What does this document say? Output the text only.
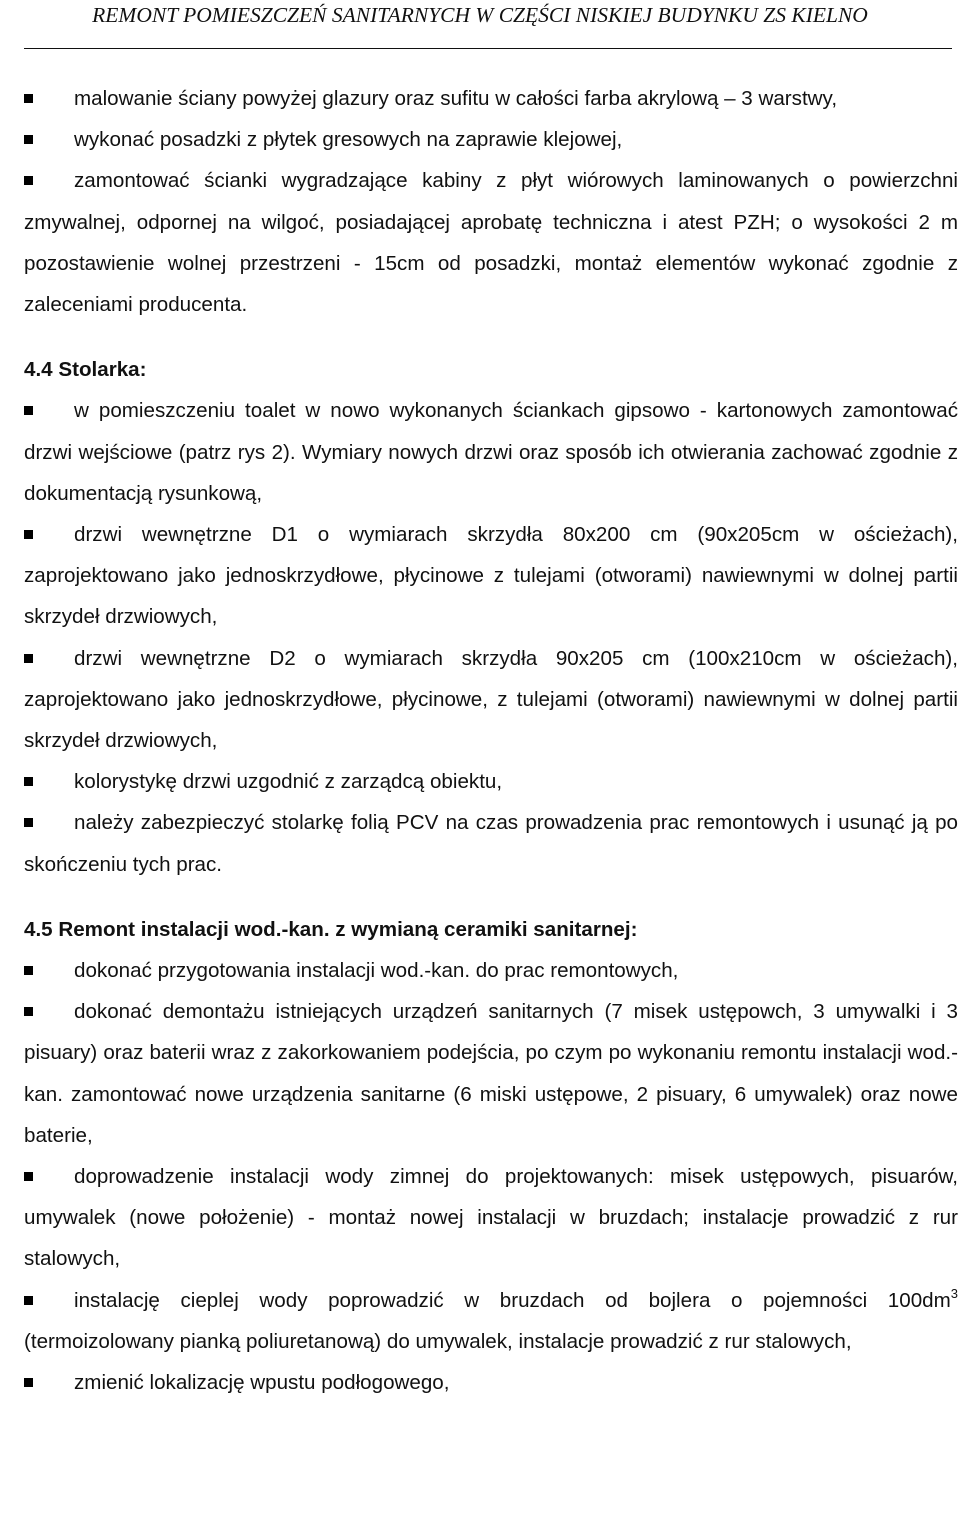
REMONT POMIESZCZEŃ SANITARNYCH W CZĘŚCI NISKIEJ BUDYNKU ZS KIELNO

malowanie ściany powyżej glazury oraz sufitu w całości farba akrylową – 3 warstwy,

wykonać posadzki z płytek gresowych na zaprawie klejowej,

zamontować ścianki wygradzające kabiny z płyt wiórowych laminowanych o powierzchni zmywalnej, odpornej na wilgoć, posiadającej aprobatę techniczna i atest PZH; o wysokości 2 m pozostawienie wolnej przestrzeni - 15cm od posadzki, montaż elementów wykonać zgodnie z zaleceniami producenta.

4.4 Stolarka:

w pomieszczeniu toalet w nowo wykonanych ściankach gipsowo - kartonowych zamontować drzwi wejściowe (patrz rys 2). Wymiary nowych drzwi oraz sposób ich otwierania zachować zgodnie z dokumentacją rysunkową,

drzwi wewnętrzne D1 o wymiarach skrzydła 80x200 cm (90x205cm w ościeżach), zaprojektowano jako jednoskrzydłowe, płycinowe z tulejami (otworami) nawiewnymi w dolnej partii skrzydeł drzwiowych,

drzwi wewnętrzne D2 o wymiarach skrzydła 90x205 cm (100x210cm w ościeżach), zaprojektowano jako jednoskrzydłowe, płycinowe, z tulejami (otworami) nawiewnymi w dolnej partii skrzydeł drzwiowych,

kolorystykę drzwi uzgodnić z zarządcą obiektu,

należy zabezpieczyć stolarkę folią PCV na czas prowadzenia prac remontowych i usunąć ją po skończeniu tych prac.

4.5 Remont instalacji wod.-kan. z wymianą ceramiki sanitarnej:

dokonać przygotowania instalacji wod.-kan. do prac remontowych,

dokonać demontażu istniejących urządzeń sanitarnych (7 misek ustępowch, 3 umywalki i 3 pisuary) oraz baterii wraz z zakorkowaniem podejścia, po czym po wykonaniu remontu instalacji wod.-kan. zamontować nowe urządzenia sanitarne (6 miski ustępowe, 2 pisuary, 6 umywalek) oraz nowe baterie,

doprowadzenie instalacji wody zimnej do projektowanych: misek ustępowych, pisuarów, umywalek (nowe położenie) - montaż nowej instalacji w bruzdach; instalacje prowadzić z rur stalowych,

instalację cieplej wody poprowadzić w bruzdach od bojlera o pojemności $100dm^3$ (termoizolowany pianką poliuretanową) do umywalek, instalacje prowadzić z rur stalowych,

zmienić lokalizację wpustu podłogowego,
